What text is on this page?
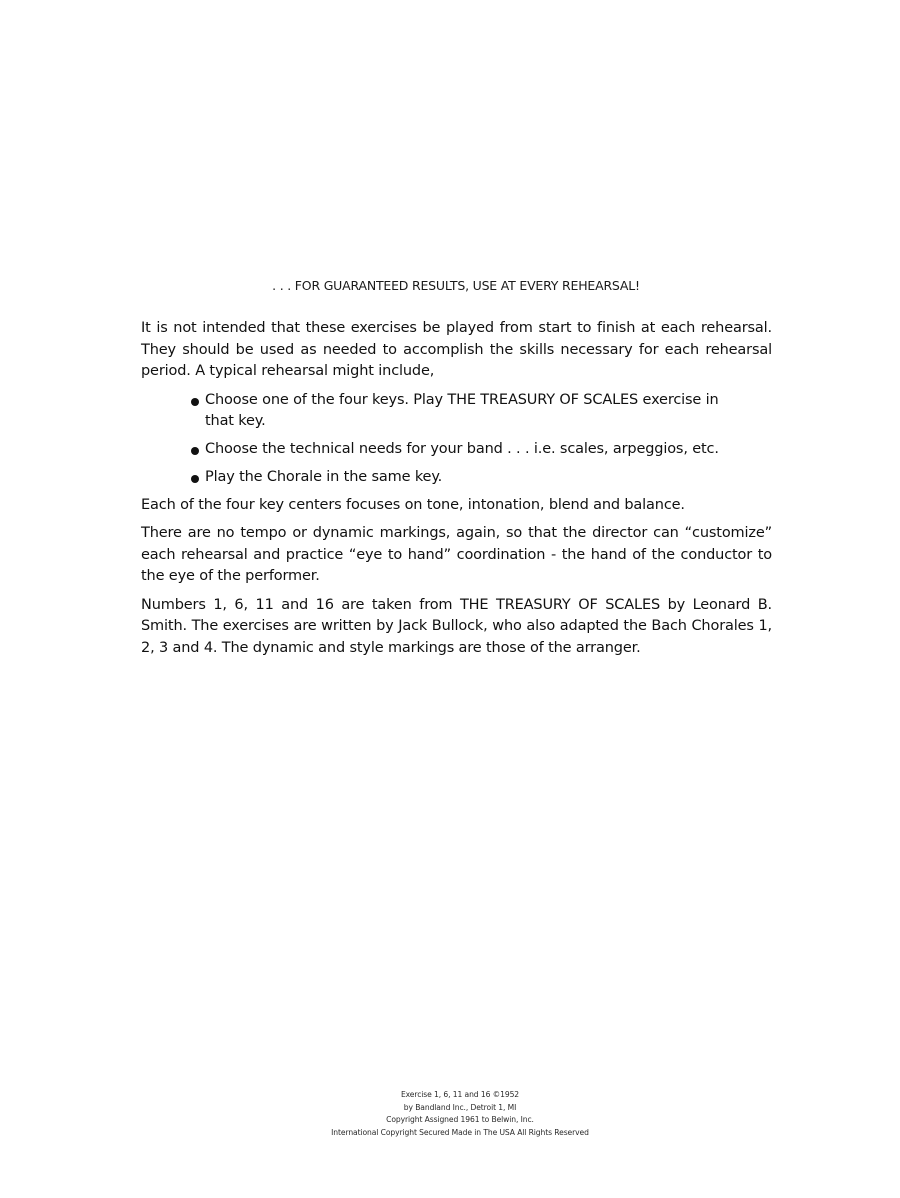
. . . FOR GUARANTEED RESULTS, USE AT EVERY REHEARSAL!

It is not intended that these exercises be played from start to finish at each rehearsal. They should be used as needed to accomplish the skills necessary for each rehearsal period. A typical rehearsal might include,

Choose one of the four keys. Play THE TREASURY OF SCALES exercise in that key.
Choose the technical needs for your band . . . i.e. scales, arpeggios, etc.
Play the Chorale in the same key.

Each of the four key centers focuses on tone, intonation, blend and balance.

There are no tempo or dynamic markings, again, so that the director can “customize” each rehearsal and practice “eye to hand” coordination - the hand of the conductor to the eye of the performer.

Numbers 1, 6, 11 and 16 are taken from THE TREASURY OF SCALES by Leonard B. Smith. The exercises are written by Jack Bullock, who also adapted the Bach Chorales 1, 2, 3 and 4. The dynamic and style markings are those of the arranger.

Exercise 1, 6, 11 and 16 ©1952
by Bandland Inc., Detroit 1, MI
Copyright Assigned 1961 to Belwin, Inc.
International Copyright Secured Made in The USA All Rights Reserved
